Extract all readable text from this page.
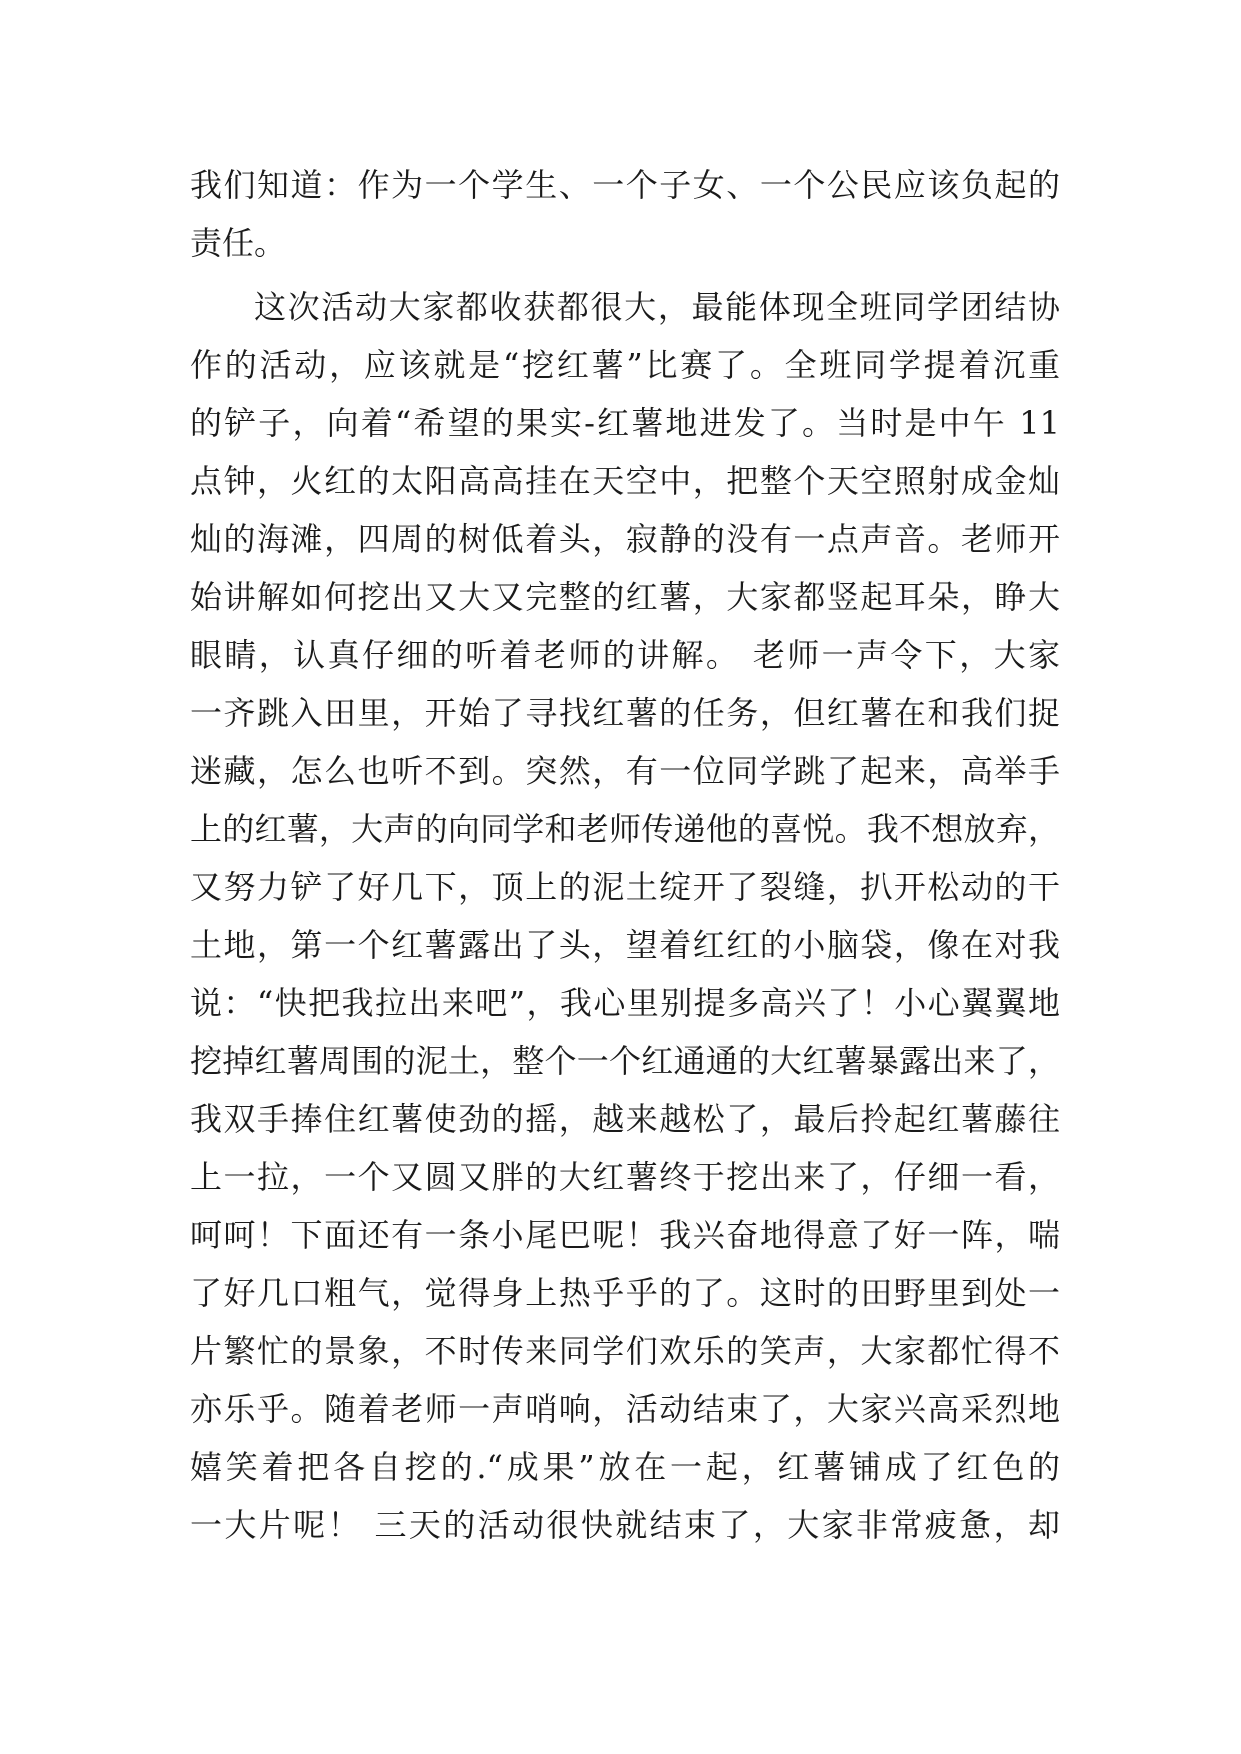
我们知道：作为一个学生、一个子女、一个公民应该负起的
责任。
这次活动大家都收获都很大，最能体现全班同学团结协
作的活动，应该就是“挖红薯”比赛了。全班同学提着沉重
的铲子，向着“希望的果实-红薯地进发了。当时是中午 11
点钟，火红的太阳高高挂在天空中，把整个天空照射成金灿
灿的海滩，四周的树低着头，寂静的没有一点声音。老师开
始讲解如何挖出又大又完整的红薯，大家都竖起耳朵，睁大
眼睛，认真仔细的听着老师的讲解。 老师一声令下，大家
一齐跳入田里，开始了寻找红薯的任务，但红薯在和我们捉
迷藏，怎么也听不到。突然，有一位同学跳了起来，高举手
上的红薯，大声的向同学和老师传递他的喜悦。我不想放弃，
又努力铲了好几下，顶上的泥土绽开了裂缝，扒开松动的干
土地，第一个红薯露出了头，望着红红的小脑袋，像在对我
说：“快把我拉出来吧”，我心里别提多高兴了！小心翼翼地
挖掉红薯周围的泥土，整个一个红通通的大红薯暴露出来了，
我双手捧住红薯使劲的摇，越来越松了，最后拎起红薯藤往
上一拉，一个又圆又胖的大红薯终于挖出来了，仔细一看，
呵呵！下面还有一条小尾巴呢！我兴奋地得意了好一阵，喘
了好几口粗气，觉得身上热乎乎的了。这时的田野里到处一
片繁忙的景象，不时传来同学们欢乐的笑声，大家都忙得不
亦乐乎。随着老师一声哨响，活动结束了，大家兴高采烈地
嬉笑着把各自挖的.“成果”放在一起，红薯铺成了红色的
一大片呢！ 三天的活动很快就结束了，大家非常疲惫，却
